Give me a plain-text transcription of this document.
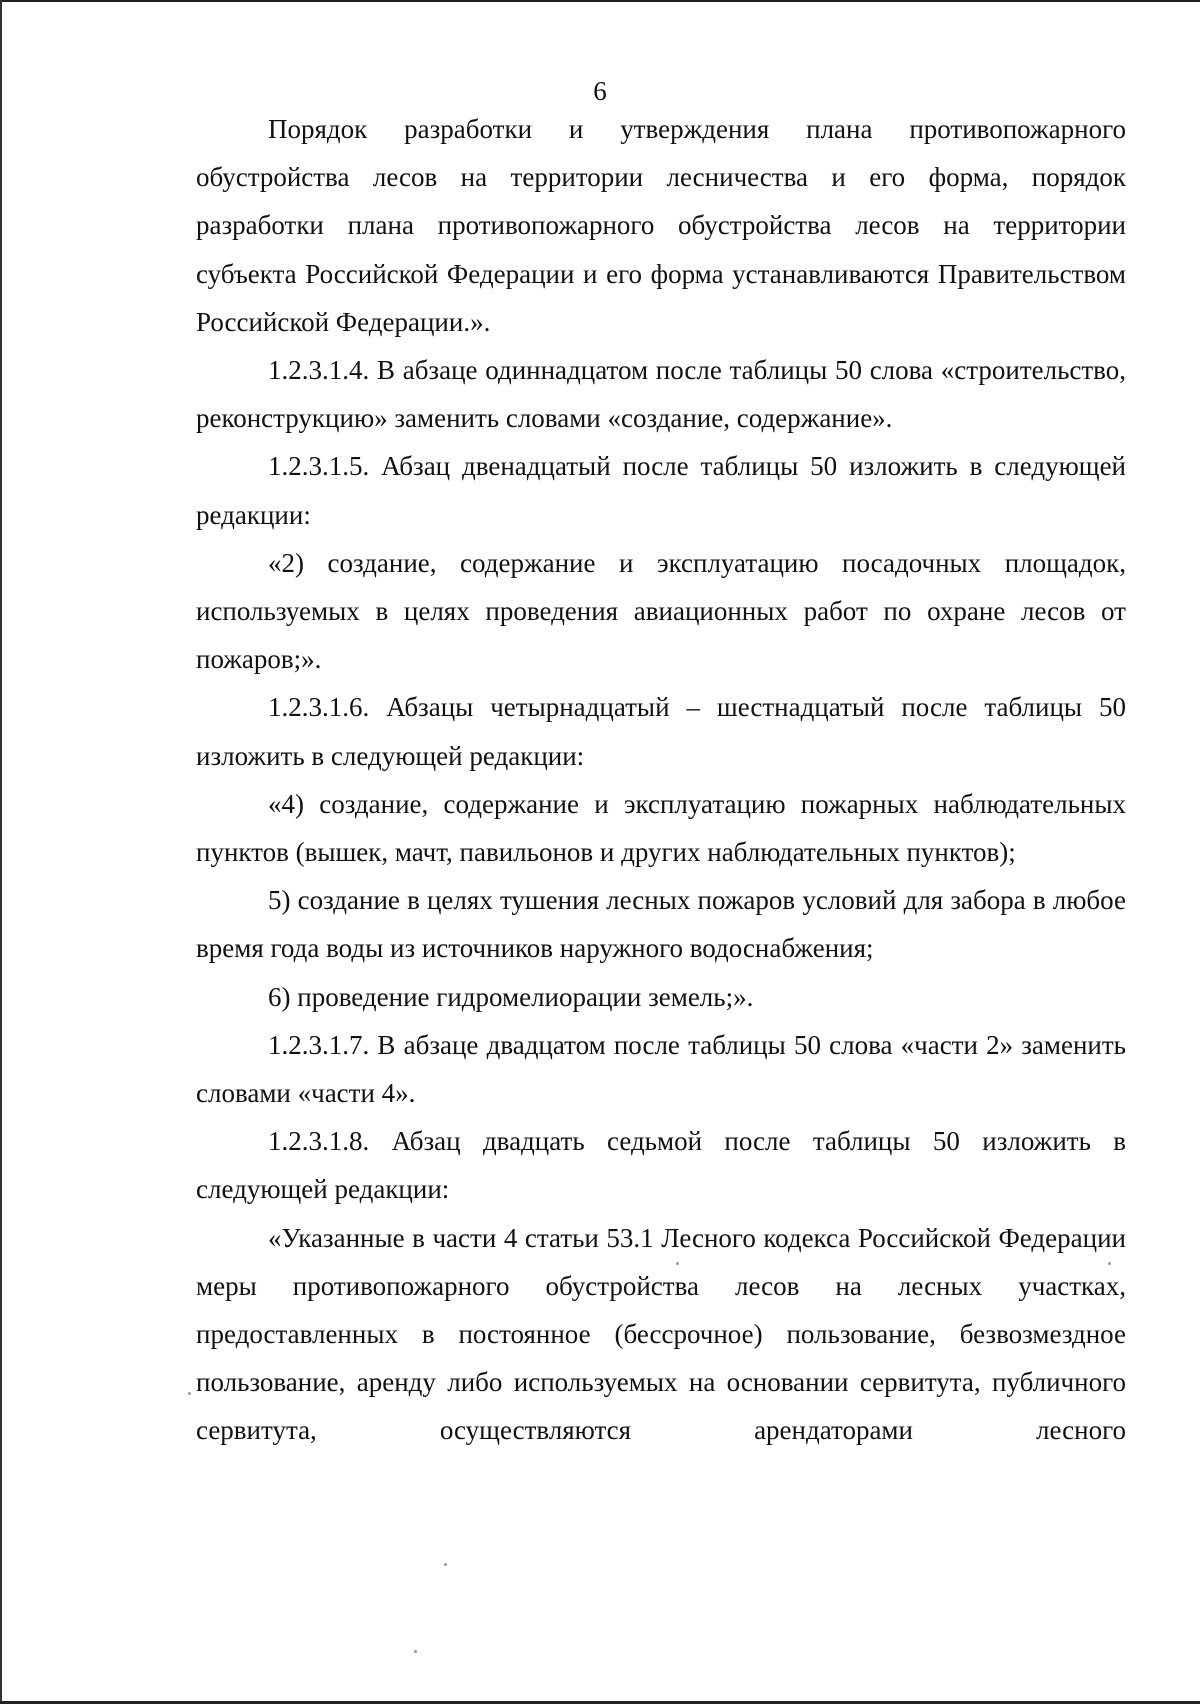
6

Порядок разработки и утверждения плана противопожарного обустройства лесов на территории лесничества и его форма, порядок разработки плана противопожарного обустройства лесов на территории субъекта Российской Федерации и его форма устанавливаются Правительством Российской Федерации.».

1.2.3.1.4. В абзаце одиннадцатом после таблицы 50 слова «строительство, реконструкцию» заменить словами «создание, содержание».

1.2.3.1.5. Абзац двенадцатый после таблицы 50 изложить в следующей редакции:

«2) создание, содержание и эксплуатацию посадочных площадок, используемых в целях проведения авиационных работ по охране лесов от пожаров;».

1.2.3.1.6. Абзацы четырнадцатый – шестнадцатый после таблицы 50 изложить в следующей редакции:

«4) создание, содержание и эксплуатацию пожарных наблюдательных пунктов (вышек, мачт, павильонов и других наблюдательных пунктов);

5) создание в целях тушения лесных пожаров условий для забора в любое время года воды из источников наружного водоснабжения;

6) проведение гидромелиорации земель;».

1.2.3.1.7. В абзаце двадцатом после таблицы 50 слова «части 2» заменить словами «части 4».

1.2.3.1.8. Абзац двадцать седьмой после таблицы 50 изложить в следующей редакции:

«Указанные в части 4 статьи 53.1 Лесного кодекса Российской Федерации меры противопожарного обустройства лесов на лесных участках, предоставленных в постоянное (бессрочное) пользование, безвозмездное пользование, аренду либо используемых на основании сервитута, публичного сервитута, осуществляются арендаторами лесного
